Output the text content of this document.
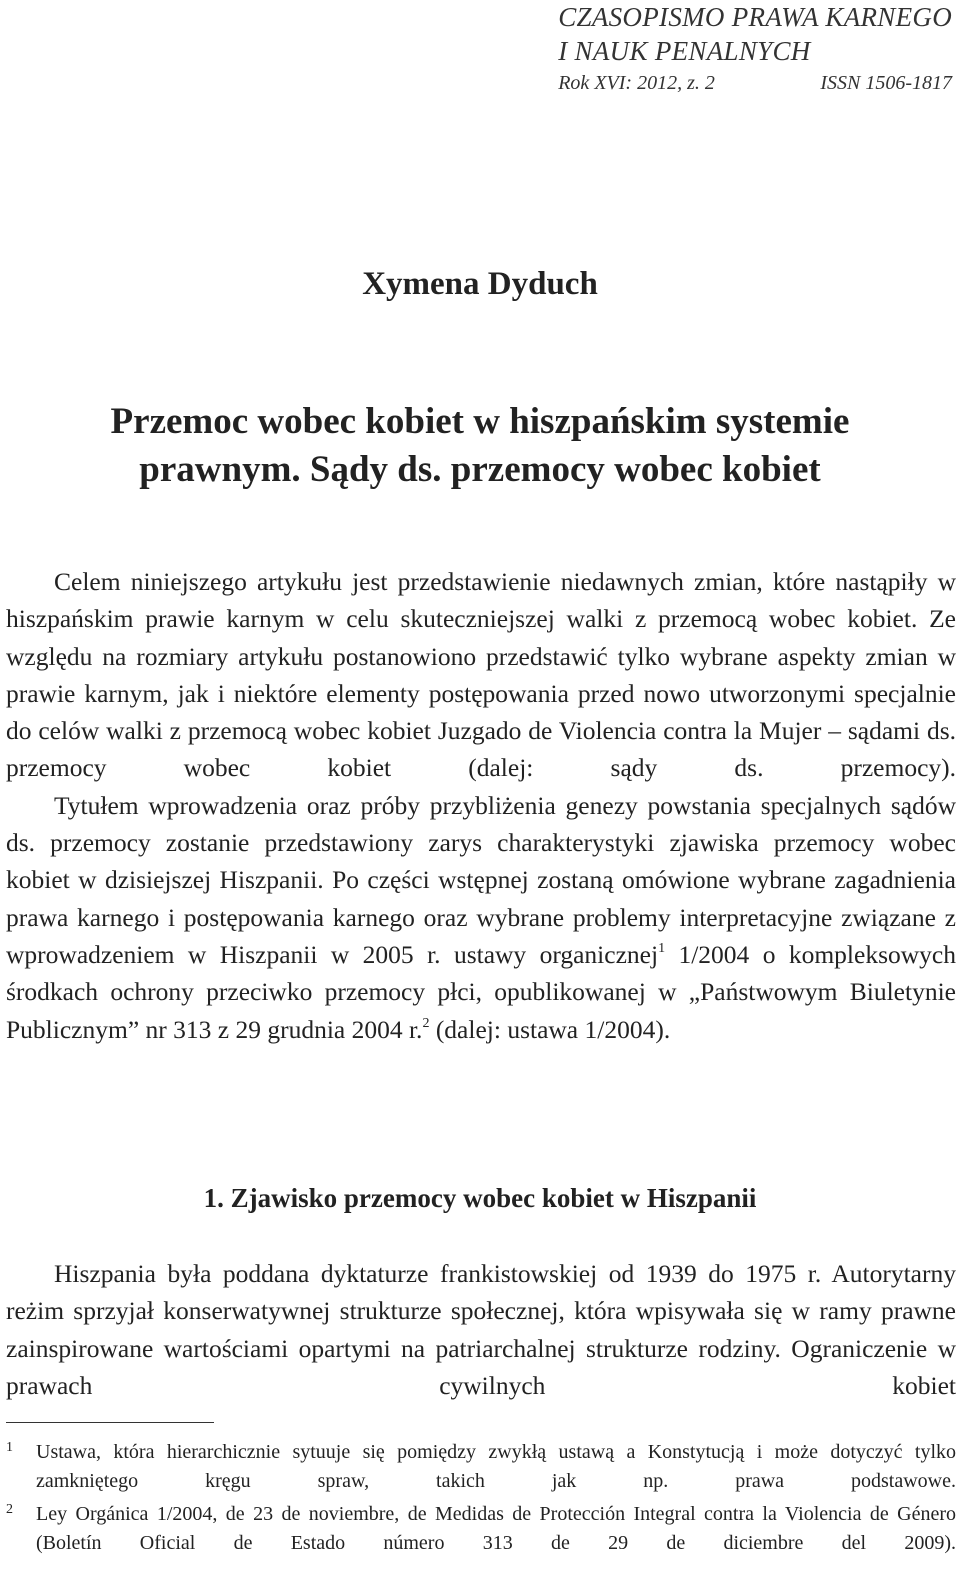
CZASOPISMO PRAWA KARNEGO
I NAUK PENALNYCH
Rok XVI: 2012, z. 2	ISSN 1506-1817
Xymena Dyduch
Przemoc wobec kobiet w hiszpańskim systemie
prawnym. Sądy ds. przemocy wobec kobiet

Celem niniejszego artykułu jest przedstawienie niedawnych zmian, które nastąpiły w hiszpańskim prawie karnym w celu skuteczniejszej walki z przemocą wobec kobiet. Ze względu na rozmiary artykułu postanowiono przedstawić tylko wybrane aspekty zmian w prawie karnym, jak i niektóre elementy postępowania przed nowo utworzonymi specjalnie do celów walki z przemocą wobec kobiet Juzgado de Violencia contra la Mujer – sądami ds. przemocy wobec kobiet (dalej: sądy ds. przemocy).

Tytułem wprowadzenia oraz próby przybliżenia genezy powstania specjalnych sądów ds. przemocy zostanie przedstawiony zarys charakterystyki zjawiska przemocy wobec kobiet w dzisiejszej Hiszpanii. Po części wstępnej zostaną omówione wybrane zagadnienia prawa karnego i postępowania karnego oraz wybrane problemy interpretacyjne związane z wprowadzeniem w Hiszpanii w 2005 r. ustawy organicznej$^1$ 1/2004 o kompleksowych środkach ochrony przeciwko przemocy płci, opublikowanej w „Państwowym Biuletynie Publicznym” nr 313 z 29 grudnia 2004 r.$^2$ (dalej: ustawa 1/2004).

1. Zjawisko przemocy wobec kobiet w Hiszpanii

Hiszpania była poddana dyktaturze frankistowskiej od 1939 do 1975 r. Autorytarny reżim sprzyjał konserwatywnej strukturze społecznej, która wpisywała się w ramy prawne zainspirowane wartościami opartymi na patriarchalnej strukturze rodziny. Ograniczenie w prawach cywilnych kobiet

1 Ustawa, która hierarchicznie sytuuje się pomiędzy zwykłą ustawą a Konstytucją i może dotyczyć tylko zamkniętego kręgu spraw, takich jak np. prawa podstawowe.
2 Ley Orgánica 1/2004, de 23 de noviembre, de Medidas de Protección Integral contra la Violencia de Género (Boletín Oficial de Estado número 313 de 29 de diciembre del 2009).
